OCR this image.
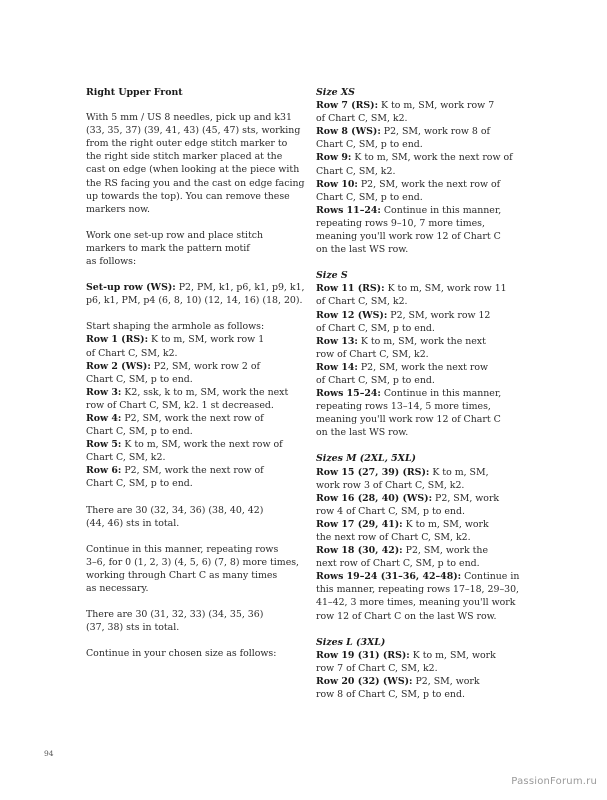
Right Upper Front
With 5 mm / US 8 needles, pick up and k31
(33, 35, 37) (39, 41, 43) (45, 47) sts, working
from the right outer edge stitch marker to
the right side stitch marker placed at the
cast on edge (when looking at the piece with
the RS facing you and the cast on edge facing
up towards the top). You can remove these
markers now.
Work one set-up row and place stitch
markers to mark the pattern motif
as follows:
Set-up row (WS): P2, PM, k1, p6, k1, p9, k1,
p6, k1, PM, p4 (6, 8, 10) (12, 14, 16) (18, 20).
Start shaping the armhole as follows:
Row 1 (RS): K to m, SM, work row 1
of Chart C, SM, k2.
Row 2 (WS): P2, SM, work row 2 of
Chart C, SM, p to end.
Row 3: K2, ssk, k to m, SM, work the next
row of Chart C, SM, k2. 1 st decreased.
Row 4: P2, SM, work the next row of
Chart C, SM, p to end.
Row 5: K to m, SM, work the next row of
Chart C, SM, k2.
Row 6: P2, SM, work the next row of
Chart C, SM, p to end.
There are 30 (32, 34, 36) (38, 40, 42)
(44, 46) sts in total.
Continue in this manner, repeating rows
3–6, for 0 (1, 2, 3) (4, 5, 6) (7, 8) more times,
working through Chart C as many times
as necessary.
There are 30 (31, 32, 33) (34, 35, 36)
(37, 38) sts in total.
Continue in your chosen size as follows:
Size XS
Row 7 (RS): K to m, SM, work row 7
of Chart C, SM, k2.
Row 8 (WS): P2, SM, work row 8 of
Chart C, SM, p to end.
Row 9: K to m, SM, work the next row of
Chart C, SM, k2.
Row 10: P2, SM, work the next row of
Chart C, SM, p to end.
Rows 11–24: Continue in this manner,
repeating rows 9–10, 7 more times,
meaning you'll work row 12 of Chart C
on the last WS row.
Size S
Row 11 (RS): K to m, SM, work row 11
of Chart C, SM, k2.
Row 12 (WS): P2, SM, work row 12
of Chart C, SM, p to end.
Row 13: K to m, SM, work the next
row of Chart C, SM, k2.
Row 14: P2, SM, work the next row
of Chart C, SM, p to end.
Rows 15–24: Continue in this manner,
repeating rows 13–14, 5 more times,
meaning you'll work row 12 of Chart C
on the last WS row.
Sizes M (2XL, 5XL)
Row 15 (27, 39) (RS): K to m, SM,
work row 3 of Chart C, SM, k2.
Row 16 (28, 40) (WS): P2, SM, work
row 4 of Chart C, SM, p to end.
Row 17 (29, 41): K to m, SM, work
the next row of Chart C, SM, k2.
Row 18 (30, 42): P2, SM, work the
next row of Chart C, SM, p to end.
Rows 19–24 (31–36, 42–48): Continue in
this manner, repeating rows 17–18, 29–30,
41–42, 3 more times, meaning you'll work
row 12 of Chart C on the last WS row.
Sizes L (3XL)
Row 19 (31) (RS): K to m, SM, work
row 7 of Chart C, SM, k2.
Row 20 (32) (WS): P2, SM, work
row 8 of Chart C, SM, p to end.
94
PassionForum.ru
